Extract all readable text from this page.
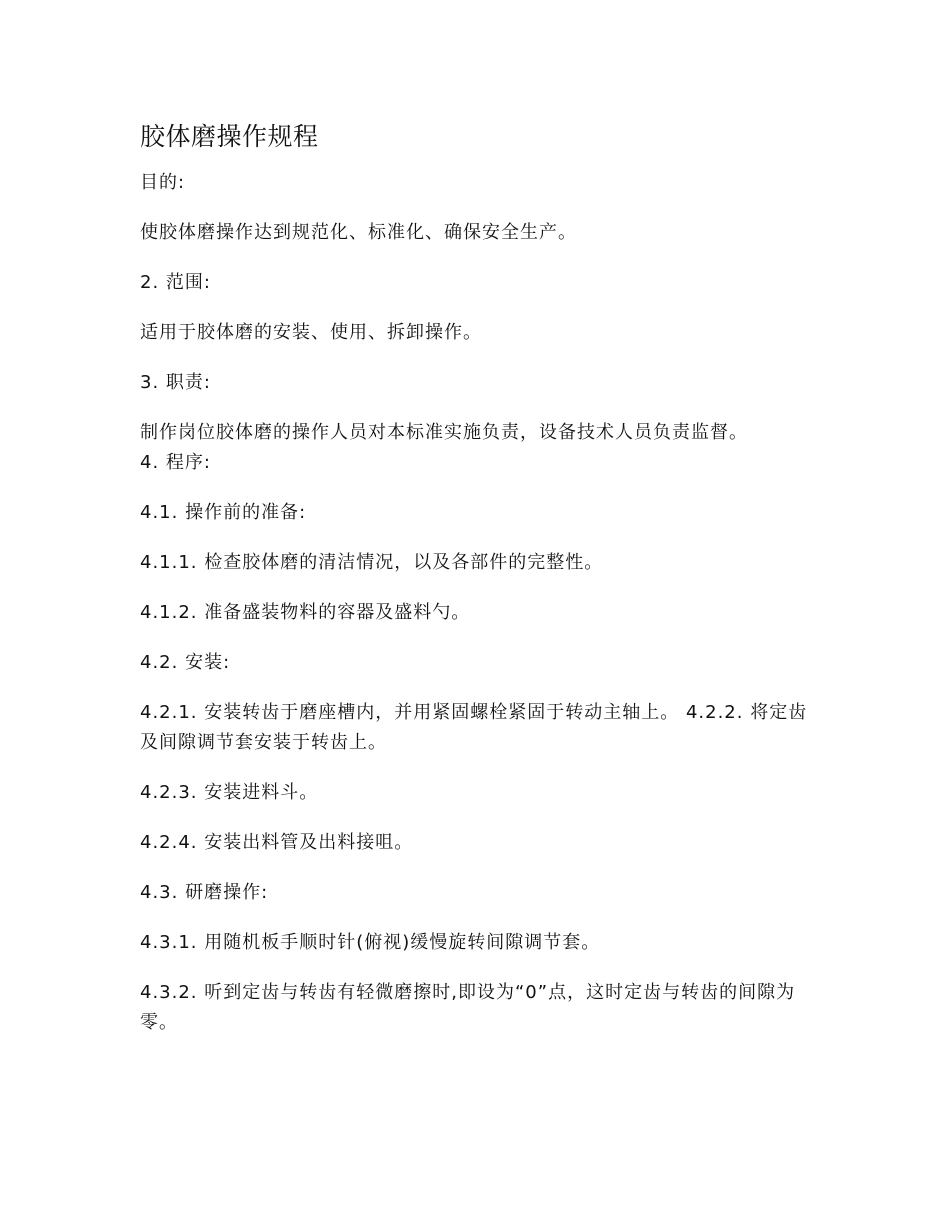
胶体磨操作规程

目的:

使胶体磨操作达到规范化、标准化、确保安全生产。

2. 范围:

适用于胶体磨的安装、使用、拆卸操作。

3. 职责:

制作岗位胶体磨的操作人员对本标准实施负责，设备技术人员负责监督。

4. 程序:

4.1. 操作前的准备:

4.1.1. 检查胶体磨的清洁情况，以及各部件的完整性。

4.1.2. 准备盛装物料的容器及盛料勺。

4.2. 安装:

4.2.1. 安装转齿于磨座槽内，并用紧固螺栓紧固于转动主轴上。 4.2.2. 将定齿及间隙调节套安装于转齿上。

4.2.3. 安装进料斗。

4.2.4. 安装出料管及出料接咀。

4.3. 研磨操作:

4.3.1. 用随机板手顺时针(俯视)缓慢旋转间隙调节套。

4.3.2. 听到定齿与转齿有轻微磨擦时,即设为“0”点，这时定齿与转齿的间隙为零。
